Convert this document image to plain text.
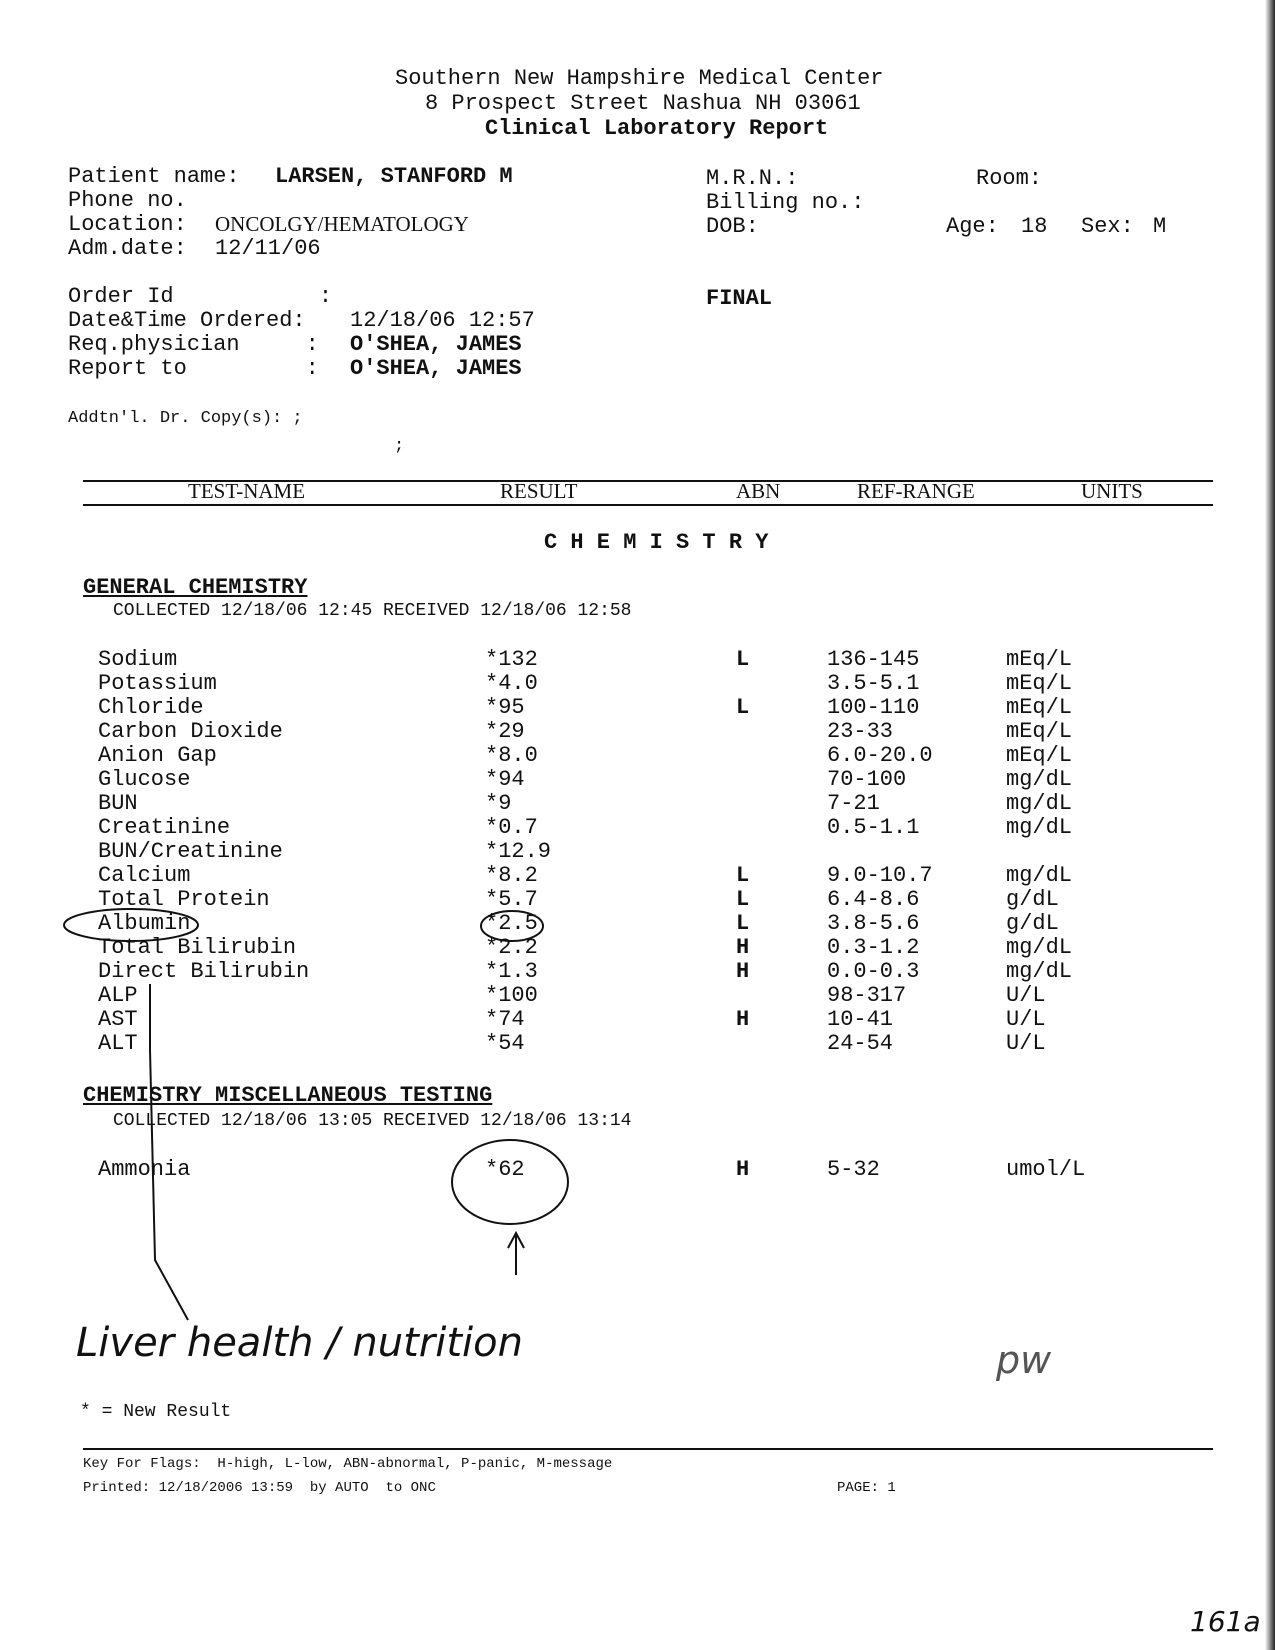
Southern New Hampshire Medical Center
8 Prospect Street Nashua NH 03061
Clinical Laboratory Report
Patient name: LARSEN, STANFORD M
Phone no.
Location: ONCOLGY/HEMATOLOGY
Adm.date: 12/11/06
M.R.N.:	Room:
Billing no.:
DOB:	Age: 18 Sex: M
Order Id           :
Date&Time Ordered: 12/18/06 12:57
Req.physician     : O'SHEA, JAMES
Report to         : O'SHEA, JAMES
FINAL
Addtn'l. Dr. Copy(s): ;
;
TEST-NAME	RESULT	ABN	REF-RANGE	UNITS
C H E M I S T R Y
GENERAL CHEMISTRY
COLLECTED 12/18/06 12:45 RECEIVED 12/18/06 12:58
Sodium	*132	L	136-145	mEq/L
Potassium	*4.0	3.5-5.1	mEq/L
Chloride	*95	L	100-110	mEq/L
Carbon Dioxide	*29	23-33	mEq/L
Anion Gap	*8.0	6.0-20.0	mEq/L
Glucose	*94	70-100	mg/dL
BUN	*9	7-21	mg/dL
Creatinine	*0.7	0.5-1.1	mg/dL
BUN/Creatinine	*12.9
Calcium	*8.2	L	9.0-10.7	mg/dL
Total Protein	*5.7	L	6.4-8.6	g/dL
Albumin	*2.5	L	3.8-5.6	g/dL
Total Bilirubin	*2.2	H	0.3-1.2	mg/dL
Direct Bilirubin	*1.3	H	0.0-0.3	mg/dL
ALP	*100	98-317	U/L
AST	*74	H	10-41	U/L
ALT	*54	24-54	U/L
CHEMISTRY MISCELLANEOUS TESTING
COLLECTED 12/18/06 13:05 RECEIVED 12/18/06 13:14
Ammonia	*62	H	5-32	umol/L
Liver health / nutrition	pw
161a
* = New Result
Key For Flags:  H-high, L-low, ABN-abnormal, P-panic, M-message
Printed: 12/18/2006 13:59  by AUTO  to ONC	PAGE: 1
